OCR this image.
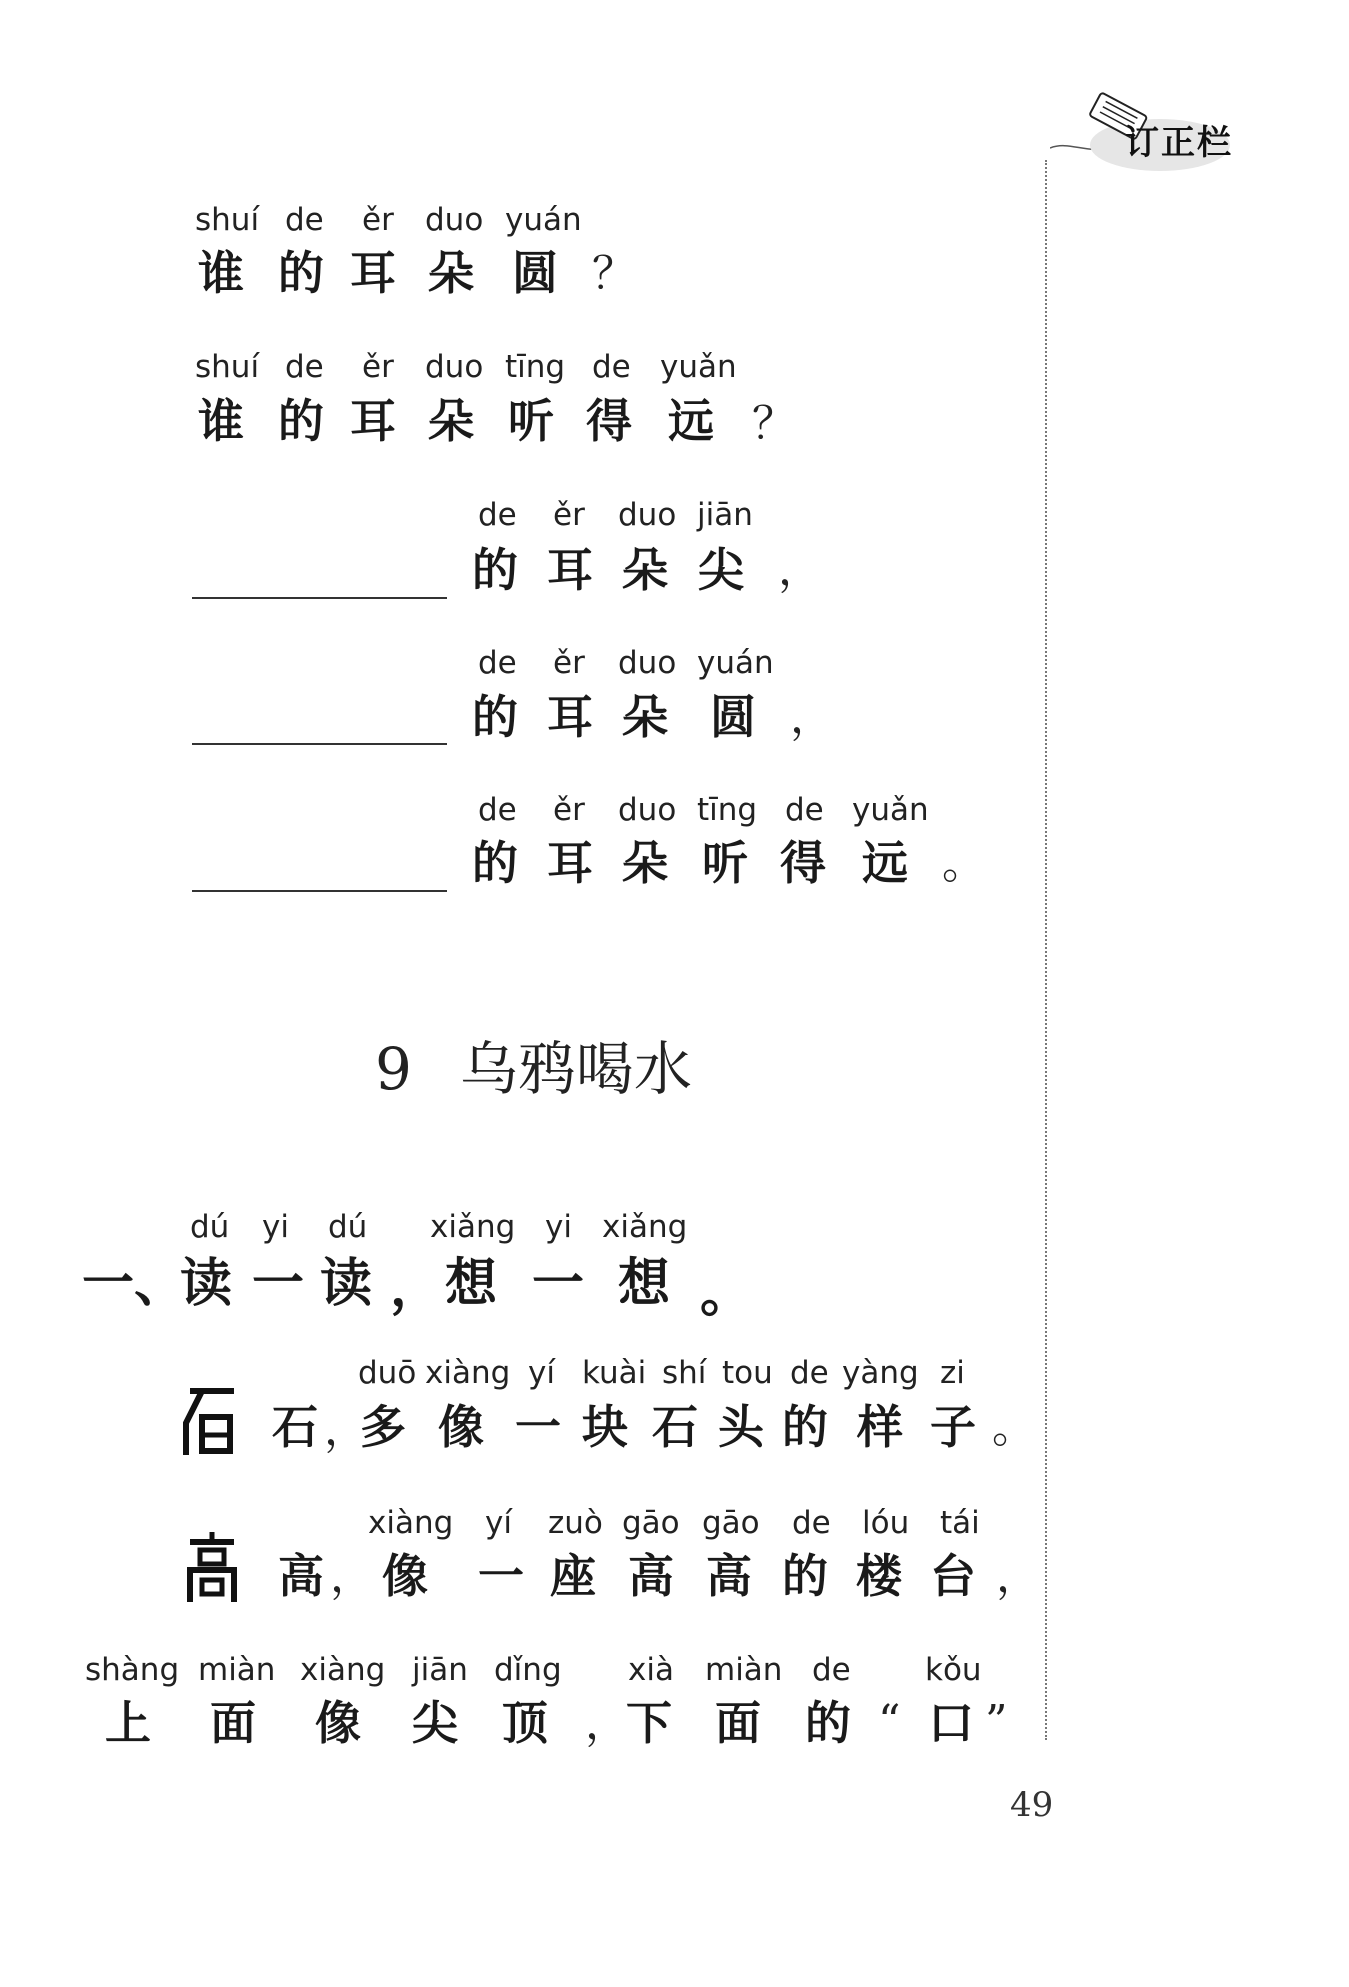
订正栏
shuí de ěr duo yuán
谁 的 耳 朵 圆 ？
shuí de ěr duo tīng de yuǎn
谁 的 耳 朵 听 得 远 ？
de ěr duo jiān
的 耳 朵 尖 ，
de ěr duo yuán
的 耳 朵 圆 ，
de ěr duo tīng de yuǎn
的 耳 朵 听 得 远 。
9 乌鸦喝水
dú yi dú xiǎng yi xiǎng
一、
读 一 读 ， 想 一 想 。
duō xiàng yí kuài shí tou de yàng zi
石 ，
多 像 一 块 石 头 的 样 子 。
xiàng yí zuò gāo gāo de lóu tái
高 ， 像 一 座 高 高 的 楼 台 ，
shàng miàn xiàng jiān dǐng xià miàn de kǒu
上 面 像 尖 顶 ，
下 面 的 “ 口 ”
49
